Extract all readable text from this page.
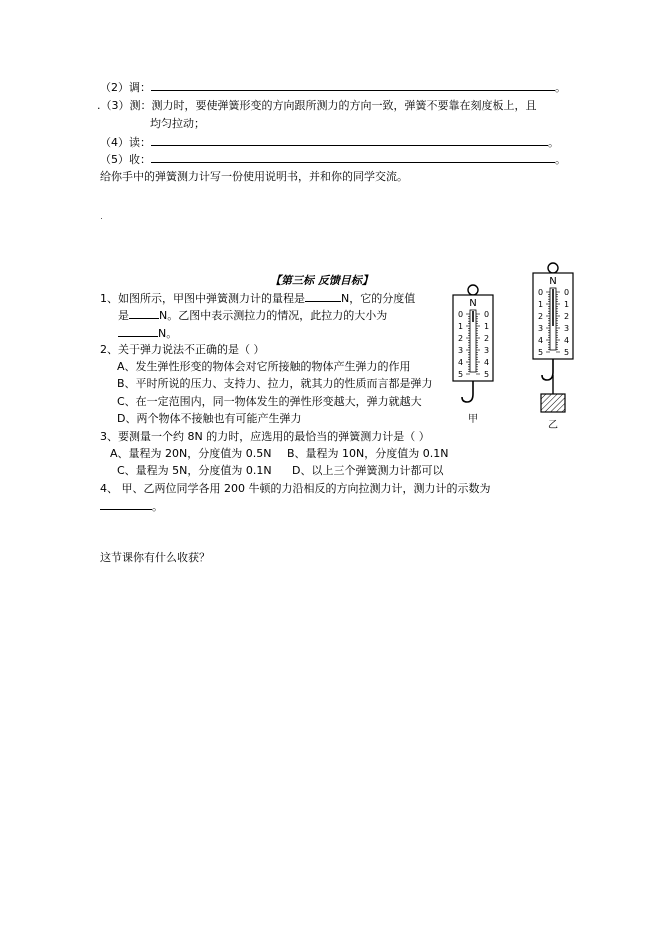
（2）调：	。
.（3）测：测力时，要使弹簧形变的方向跟所测力的方向一致，弹簧不要靠在刻度板上，且
均匀拉动；
（4）读：	。
（5）收：	。
给你手中的弹簧测力计写一份使用说明书，并和你的同学交流。
【第三标 反馈目标】
1、如图所示，甲图中弹簧测力计的量程是	N，它的分度值
是	N。乙图中表示测拉力的情况，此拉力的大小为
N。
2、关于弹力说法不正确的是（ ）
A、发生弹性形变的物体会对它所接触的物体产生弹力的作用
B、平时所说的压力、支持力、拉力，就其力的性质而言都是弹力
C、在一定范围内，同一物体发生的弹性形变越大，弹力就越大
D、两个物体不接触也有可能产生弹力
3、要测量一个约 8N 的力时，应选用的最恰当的弹簧测力计是（ ）
A、量程为 20N，分度值为 0.5N B、量程为 10N，分度值为 0.1N
C、量程为 5N，分度值为 0.1N D、以上三个弹簧测力计都可以
4、 甲、乙两位同学各用 200 牛顿的力沿相反的方向拉测力计，测力计的示数为
。
这节课你有什么收获？
N
0	0
1	1
2	2
3	3
4	4
5	5
甲
N
0	0
1	1
2	2
3	3
4	4
5	5
乙
